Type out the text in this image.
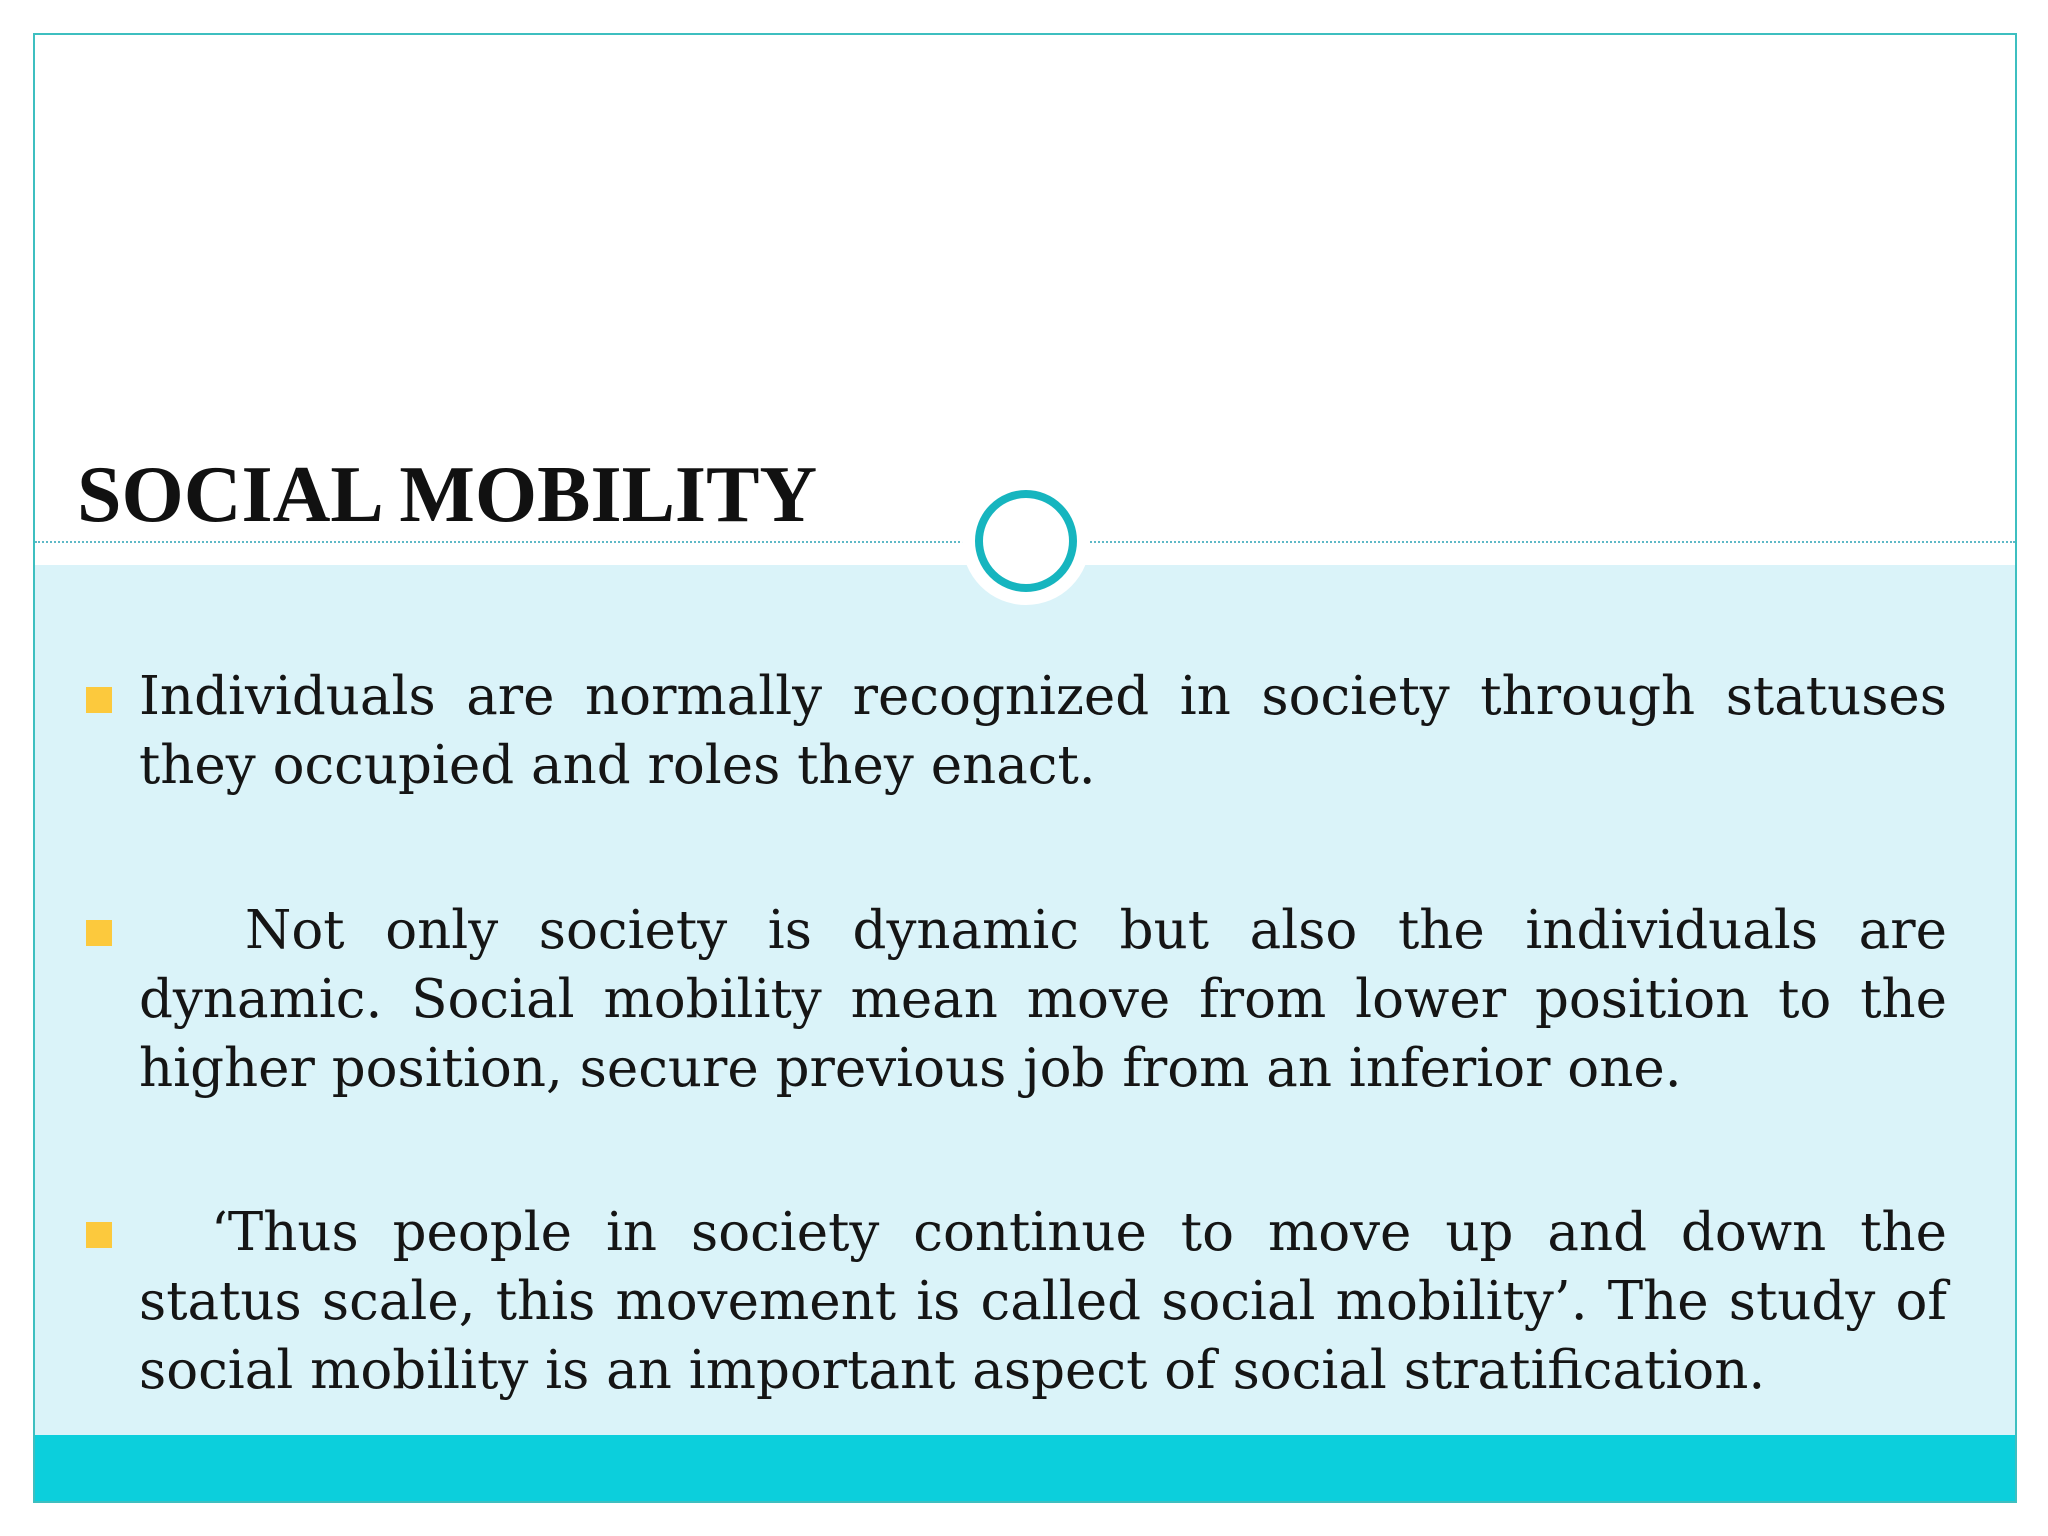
SOCIAL MOBILITY

Individuals are normally recognized in society through statuses they occupied and roles they enact.

Not only society is dynamic but also the individuals are dynamic. Social mobility mean move from lower position to the higher position, secure previous job from an inferior one.

‘Thus people in society continue to move up and down the status scale, this movement is called social mobility’. The study of social mobility is an important aspect of social stratification.
